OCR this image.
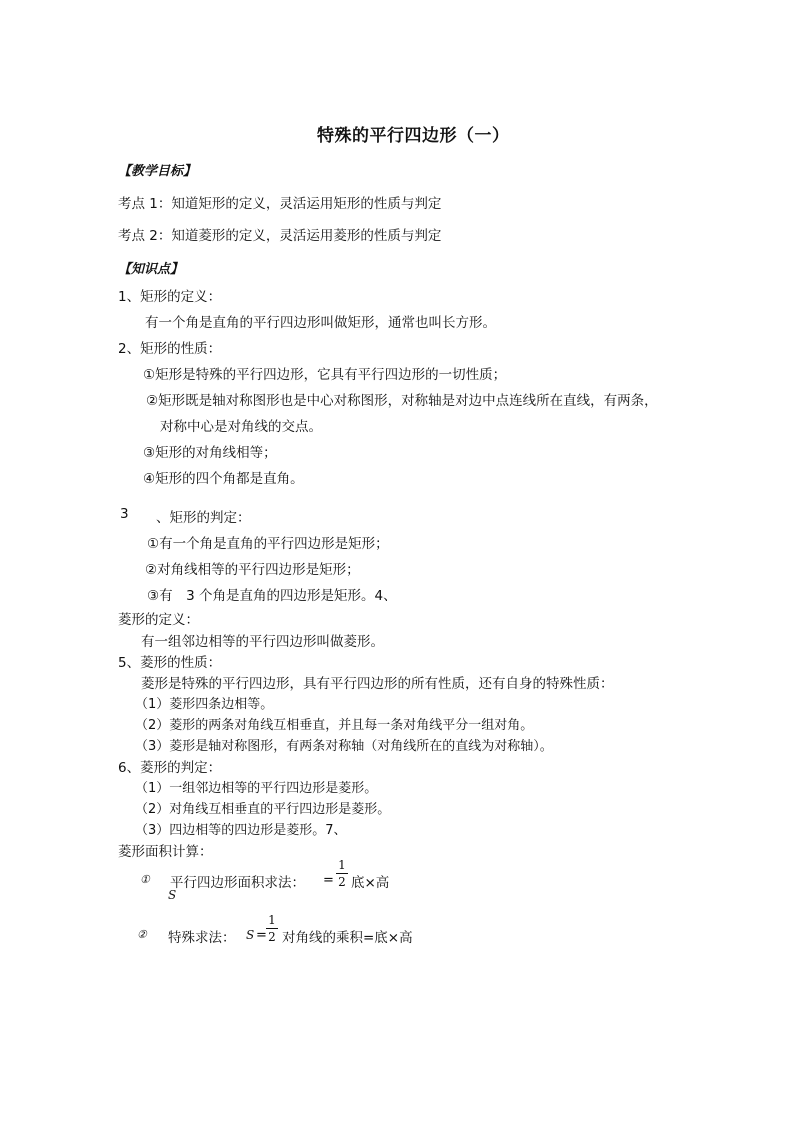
特殊的平行四边形（一）
【教学目标】
考点 1：知道矩形的定义，灵活运用矩形的性质与判定
考点 2：知道菱形的定义，灵活运用菱形的性质与判定
【知识点】
1、矩形的定义：
有一个角是直角的平行四边形叫做矩形，通常也叫长方形。
2、矩形的性质：
①矩形是特殊的平行四边形，它具有平行四边形的一切性质；
②矩形既是轴对称图形也是中心对称图形，对称轴是对边中点连线所在直线，有两条，
对称中心是对角线的交点。
③矩形的对角线相等；
④矩形的四个角都是直角。
3 、矩形的判定：
①有一个角是直角的平行四边形是矩形；
②对角线相等的平行四边形是矩形；
③有　3 个角是直角的四边形是矩形。4、
菱形的定义：
有一组邻边相等的平行四边形叫做菱形。
5、菱形的性质：
菱形是特殊的平行四边形，具有平行四边形的所有性质，还有自身的特殊性质：
（1）菱形四条边相等。
（2）菱形的两条对角线互相垂直，并且每一条对角线平分一组对角。
（3）菱形是轴对称图形，有两条对称轴（对角线所在的直线为对称轴）。
6、菱形的判定：
（1）一组邻边相等的平行四边形是菱形。
（2）对角线互相垂直的平行四边形是菱形。
（3）四边相等的四边形是菱形。7、
菱形面积计算：
① 平行四边形面积求法：
S
=
1
2 底×高
② 特殊求法： S =
1
2 对角线的乘积=底×高
